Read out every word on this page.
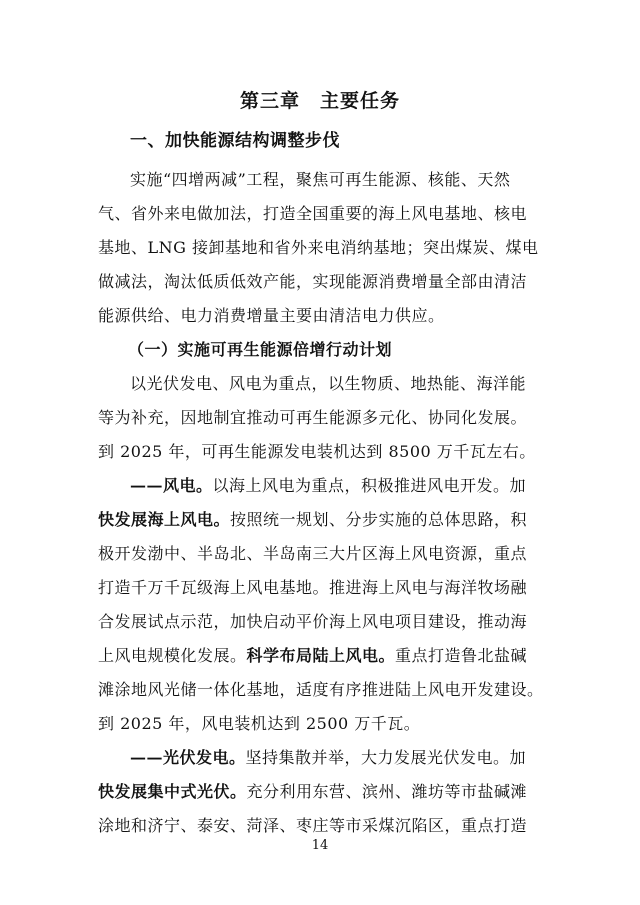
第三章 主要任务
一、加快能源结构调整步伐
实施“四增两减”工程，聚焦可再生能源、核能、天然
气、省外来电做加法，打造全国重要的海上风电基地、核电
基地、LNG 接卸基地和省外来电消纳基地；突出煤炭、煤电
做减法，淘汰低质低效产能，实现能源消费增量全部由清洁
能源供给、电力消费增量主要由清洁电力供应。
（一）实施可再生能源倍增行动计划
以光伏发电、风电为重点，以生物质、地热能、海洋能
等为补充，因地制宜推动可再生能源多元化、协同化发展。
到 2025 年，可再生能源发电装机达到 8500 万千瓦左右。
——风电。以海上风电为重点，积极推进风电开发。加
快发展海上风电。按照统一规划、分步实施的总体思路，积
极开发渤中、半岛北、半岛南三大片区海上风电资源，重点
打造千万千瓦级海上风电基地。推进海上风电与海洋牧场融
合发展试点示范，加快启动平价海上风电项目建设，推动海
上风电规模化发展。科学布局陆上风电。重点打造鲁北盐碱
滩涂地风光储一体化基地，适度有序推进陆上风电开发建设。
到 2025 年，风电装机达到 2500 万千瓦。
——光伏发电。坚持集散并举，大力发展光伏发电。加
快发展集中式光伏。充分利用东营、滨州、潍坊等市盐碱滩
涂地和济宁、泰安、菏泽、枣庄等市采煤沉陷区，重点打造
14
